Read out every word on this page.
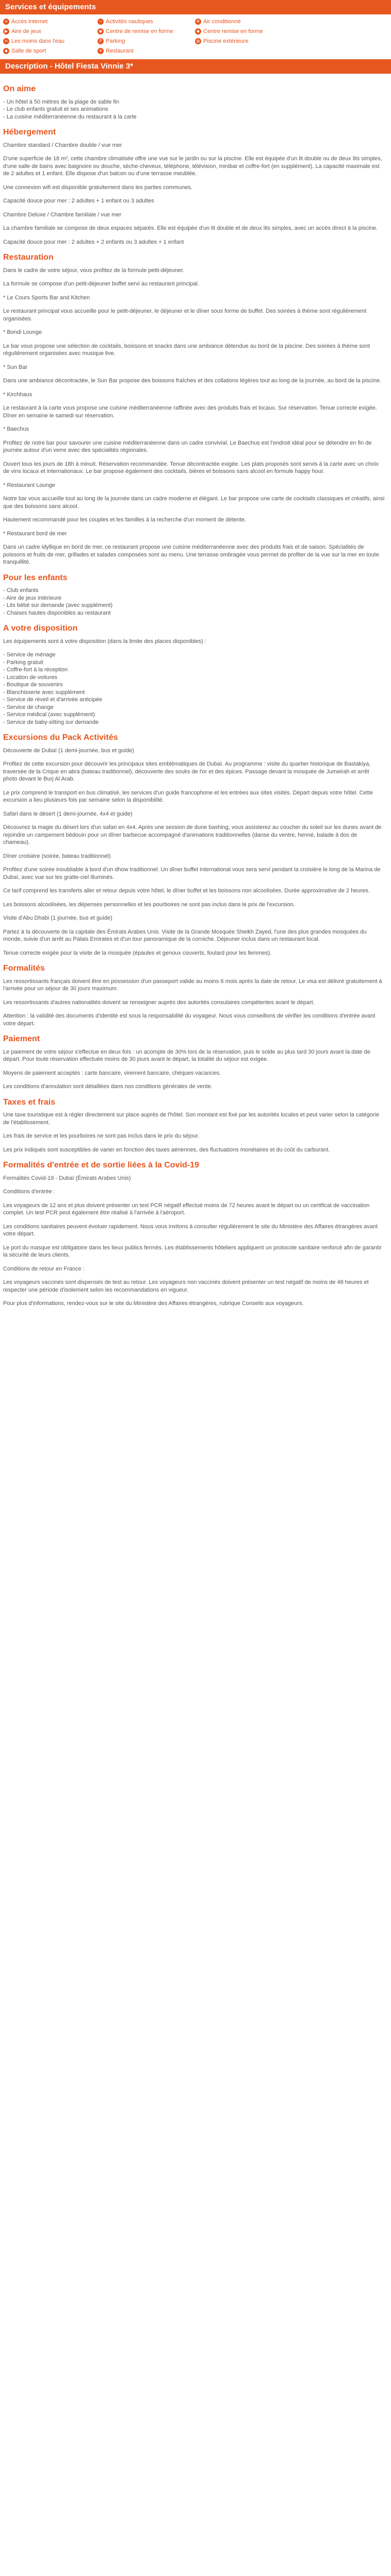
Services et équipements
≈ Accès Internet	~ Activités nautiques	❄ Air conditionné
▶ Aire de jeux	◆ Centre de remise en forme	◆ Centre remise en forme
≈ Les moins dans l'eau	P Parking	◍ Piscine extérieure
◆ Salle de sport	✕ Restaurant
Description - Hôtel Fiesta Vinnie 3*
On aime

- Un hôtel à 50 mètres de la plage de sable fin
- Le club enfants gratuit et ses animations
- La cuisine méditerranéenne du restaurant à la carte

Hébergement

Chambre standard / Chambre double / vue mer

D'une superficie de 18 m², cette chambre climatisée offre une vue sur le jardin ou sur la piscine. Elle est équipée d'un lit double ou de deux lits simples, d'une salle de bains avec baignoire ou douche, sèche-cheveux, téléphone, télévision, minibar et coffre-fort (en supplément). La capacité maximale est de 2 adultes et 1 enfant. Elle dispose d'un balcon ou d'une terrasse meublée.

Une connexion wifi est disponible gratuitement dans les parties communes.

Capacité douce pour mer : 2 adultes + 1 enfant ou 3 adultes

Chambre Deluxe / Chambre familiale / vue mer

La chambre familiale se compose de deux espaces séparés. Elle est équipée d'un lit double et de deux lits simples, avec un accès direct à la piscine.

Capacité douce pour mer : 2 adultes + 2 enfants ou 3 adultes + 1 enfant

Restauration

Dans le cadre de votre séjour, vous profitez de la formule petit-déjeuner.

La formule se compose d'un petit-déjeuner buffet servi au restaurant principal.

* Le Cours Sports Bar and Kitchen

Le restaurant principal vous accueille pour le petit-déjeuner, le déjeuner et le dîner sous forme de buffet. Des soirées à thème sont régulièrement organisées.

* Bondi Lounge

Le bar vous propose une sélection de cocktails, boissons et snacks dans une ambiance détendue au bord de la piscine. Des soirées à thème sont régulièrement organisées avec musique live.

* Sun Bar

Dans une ambiance décontractée, le Sun Bar propose des boissons fraîches et des collations légères tout au long de la journée, au bord de la piscine.

* Kirchhaus

Le restaurant à la carte vous propose une cuisine méditerranéenne raffinée avec des produits frais et locaux. Sur réservation. Tenue correcte exigée. Dîner en semaine le samedi sur réservation.

* Baechus

Profitez de notre bar pour savourer une cuisine méditerranéenne dans un cadre convivial. Le Baechus est l'endroit idéal pour se détendre en fin de journée autour d'un verre avec des spécialités régionales.

Ouvert tous les jours de 18h à minuit. Réservation recommandée. Tenue décontractée exigée. Les plats proposés sont servis à la carte avec un choix de vins locaux et internationaux. Le bar propose également des cocktails, bières et boissons sans alcool en formule happy hour.

* Restaurant Lounge

Notre bar vous accueille tout au long de la journée dans un cadre moderne et élégant. Le bar propose une carte de cocktails classiques et créatifs, ainsi que des boissons sans alcool.

Hautement recommandé pour les couples et les familles à la recherche d'un moment de détente.

* Restaurant bord de mer

Dans un cadre idyllique en bord de mer, ce restaurant propose une cuisine méditerranéenne avec des produits frais et de saison. Spécialités de poissons et fruits de mer, grillades et salades composées sont au menu. Une terrasse ombragée vous permet de profiter de la vue sur la mer en toute tranquillité.

Pour les enfants

- Club enfants
- Aire de jeux intérieure
- Lits bébé sur demande (avec supplément)
- Chaises hautes disponibles au restaurant

A votre disposition

Les équipements sont à votre disposition (dans la limite des places disponibles) :

- Service de ménage
- Parking gratuit
- Coffre-fort à la réception
- Location de voitures
- Boutique de souvenirs
- Blanchisserie avec supplément
- Service de réveil et d'arrivée anticipée
- Service de change
- Service médical (avec supplément)
- Service de baby-sitting sur demande

Excursions du Pack Activités

Découverte de Dubaï (1 demi-journée, bus et guide)

Profitez de cette excursion pour découvrir les principaux sites emblématiques de Dubaï. Au programme : visite du quartier historique de Bastakiya, traversée de la Crique en abra (bateau traditionnel), découverte des souks de l'or et des épices. Passage devant la mosquée de Jumeirah et arrêt photo devant le Burj Al Arab.

Le prix comprend le transport en bus climatisé, les services d'un guide francophone et les entrées aux sites visités. Départ depuis votre hôtel. Cette excursion a lieu plusieurs fois par semaine selon la disponibilité.

Safari dans le désert (1 demi-journée, 4x4 et guide)

Découvrez la magie du désert lors d'un safari en 4x4. Après une session de dune bashing, vous assisterez au coucher du soleil sur les dunes avant de rejoindre un campement bédouin pour un dîner barbecue accompagné d'animations traditionnelles (danse du ventre, henné, balade à dos de chameau).

Dîner croisière (soirée, bateau traditionnel)

Profitez d'une soirée inoubliable à bord d'un dhow traditionnel. Un dîner buffet international vous sera servi pendant la croisière le long de la Marina de Dubaï, avec vue sur les gratte-ciel illuminés.

Ce tarif comprend les transferts aller et retour depuis votre hôtel, le dîner buffet et les boissons non alcoolisées. Durée approximative de 2 heures.

Les boissons alcoolisées, les dépenses personnelles et les pourboires ne sont pas inclus dans le prix de l'excursion.

Visite d'Abu Dhabi (1 journée, bus et guide)

Partez à la découverte de la capitale des Émirats Arabes Unis. Visite de la Grande Mosquée Sheikh Zayed, l'une des plus grandes mosquées du monde, suivie d'un arrêt au Palais Emirates et d'un tour panoramique de la corniche. Déjeuner inclus dans un restaurant local.

Tenue correcte exigée pour la visite de la mosquée (épaules et genoux couverts, foulard pour les femmes).

Formalités

Les ressortissants français doivent être en possession d'un passeport valide au moins 6 mois après la date de retour. Le visa est délivré gratuitement à l'arrivée pour un séjour de 30 jours maximum.

Les ressortissants d'autres nationalités doivent se renseigner auprès des autorités consulaires compétentes avant le départ.

Attention : la validité des documents d'identité est sous la responsabilité du voyageur. Nous vous conseillons de vérifier les conditions d'entrée avant votre départ.

Paiement

Le paiement de votre séjour s'effectue en deux fois : un acompte de 30% lors de la réservation, puis le solde au plus tard 30 jours avant la date de départ. Pour toute réservation effectuée moins de 30 jours avant le départ, la totalité du séjour est exigée.

Moyens de paiement acceptés : carte bancaire, virement bancaire, chèques vacances.

Les conditions d'annulation sont détaillées dans nos conditions générales de vente.

Taxes et frais

Une taxe touristique est à régler directement sur place auprès de l'hôtel. Son montant est fixé par les autorités locales et peut varier selon la catégorie de l'établissement.

Les frais de service et les pourboires ne sont pas inclus dans le prix du séjour.

Les prix indiqués sont susceptibles de varier en fonction des taxes aériennes, des fluctuations monétaires et du coût du carburant.

Formalités d'entrée et de sortie liées à la Covid-19

Formalités Covid-19 - Dubaï (Émirats Arabes Unis)

Conditions d'entrée :

Les voyageurs de 12 ans et plus doivent présenter un test PCR négatif effectué moins de 72 heures avant le départ ou un certificat de vaccination complet. Un test PCR peut également être réalisé à l'arrivée à l'aéroport.

Les conditions sanitaires peuvent évoluer rapidement. Nous vous invitons à consulter régulièrement le site du Ministère des Affaires étrangères avant votre départ.

Le port du masque est obligatoire dans les lieux publics fermés. Les établissements hôteliers appliquent un protocole sanitaire renforcé afin de garantir la sécurité de leurs clients.

Conditions de retour en France :

Les voyageurs vaccinés sont dispensés de test au retour. Les voyageurs non vaccinés doivent présenter un test négatif de moins de 48 heures et respecter une période d'isolement selon les recommandations en vigueur.

Pour plus d'informations, rendez-vous sur le site du Ministère des Affaires étrangères, rubrique Conseils aux voyageurs.
